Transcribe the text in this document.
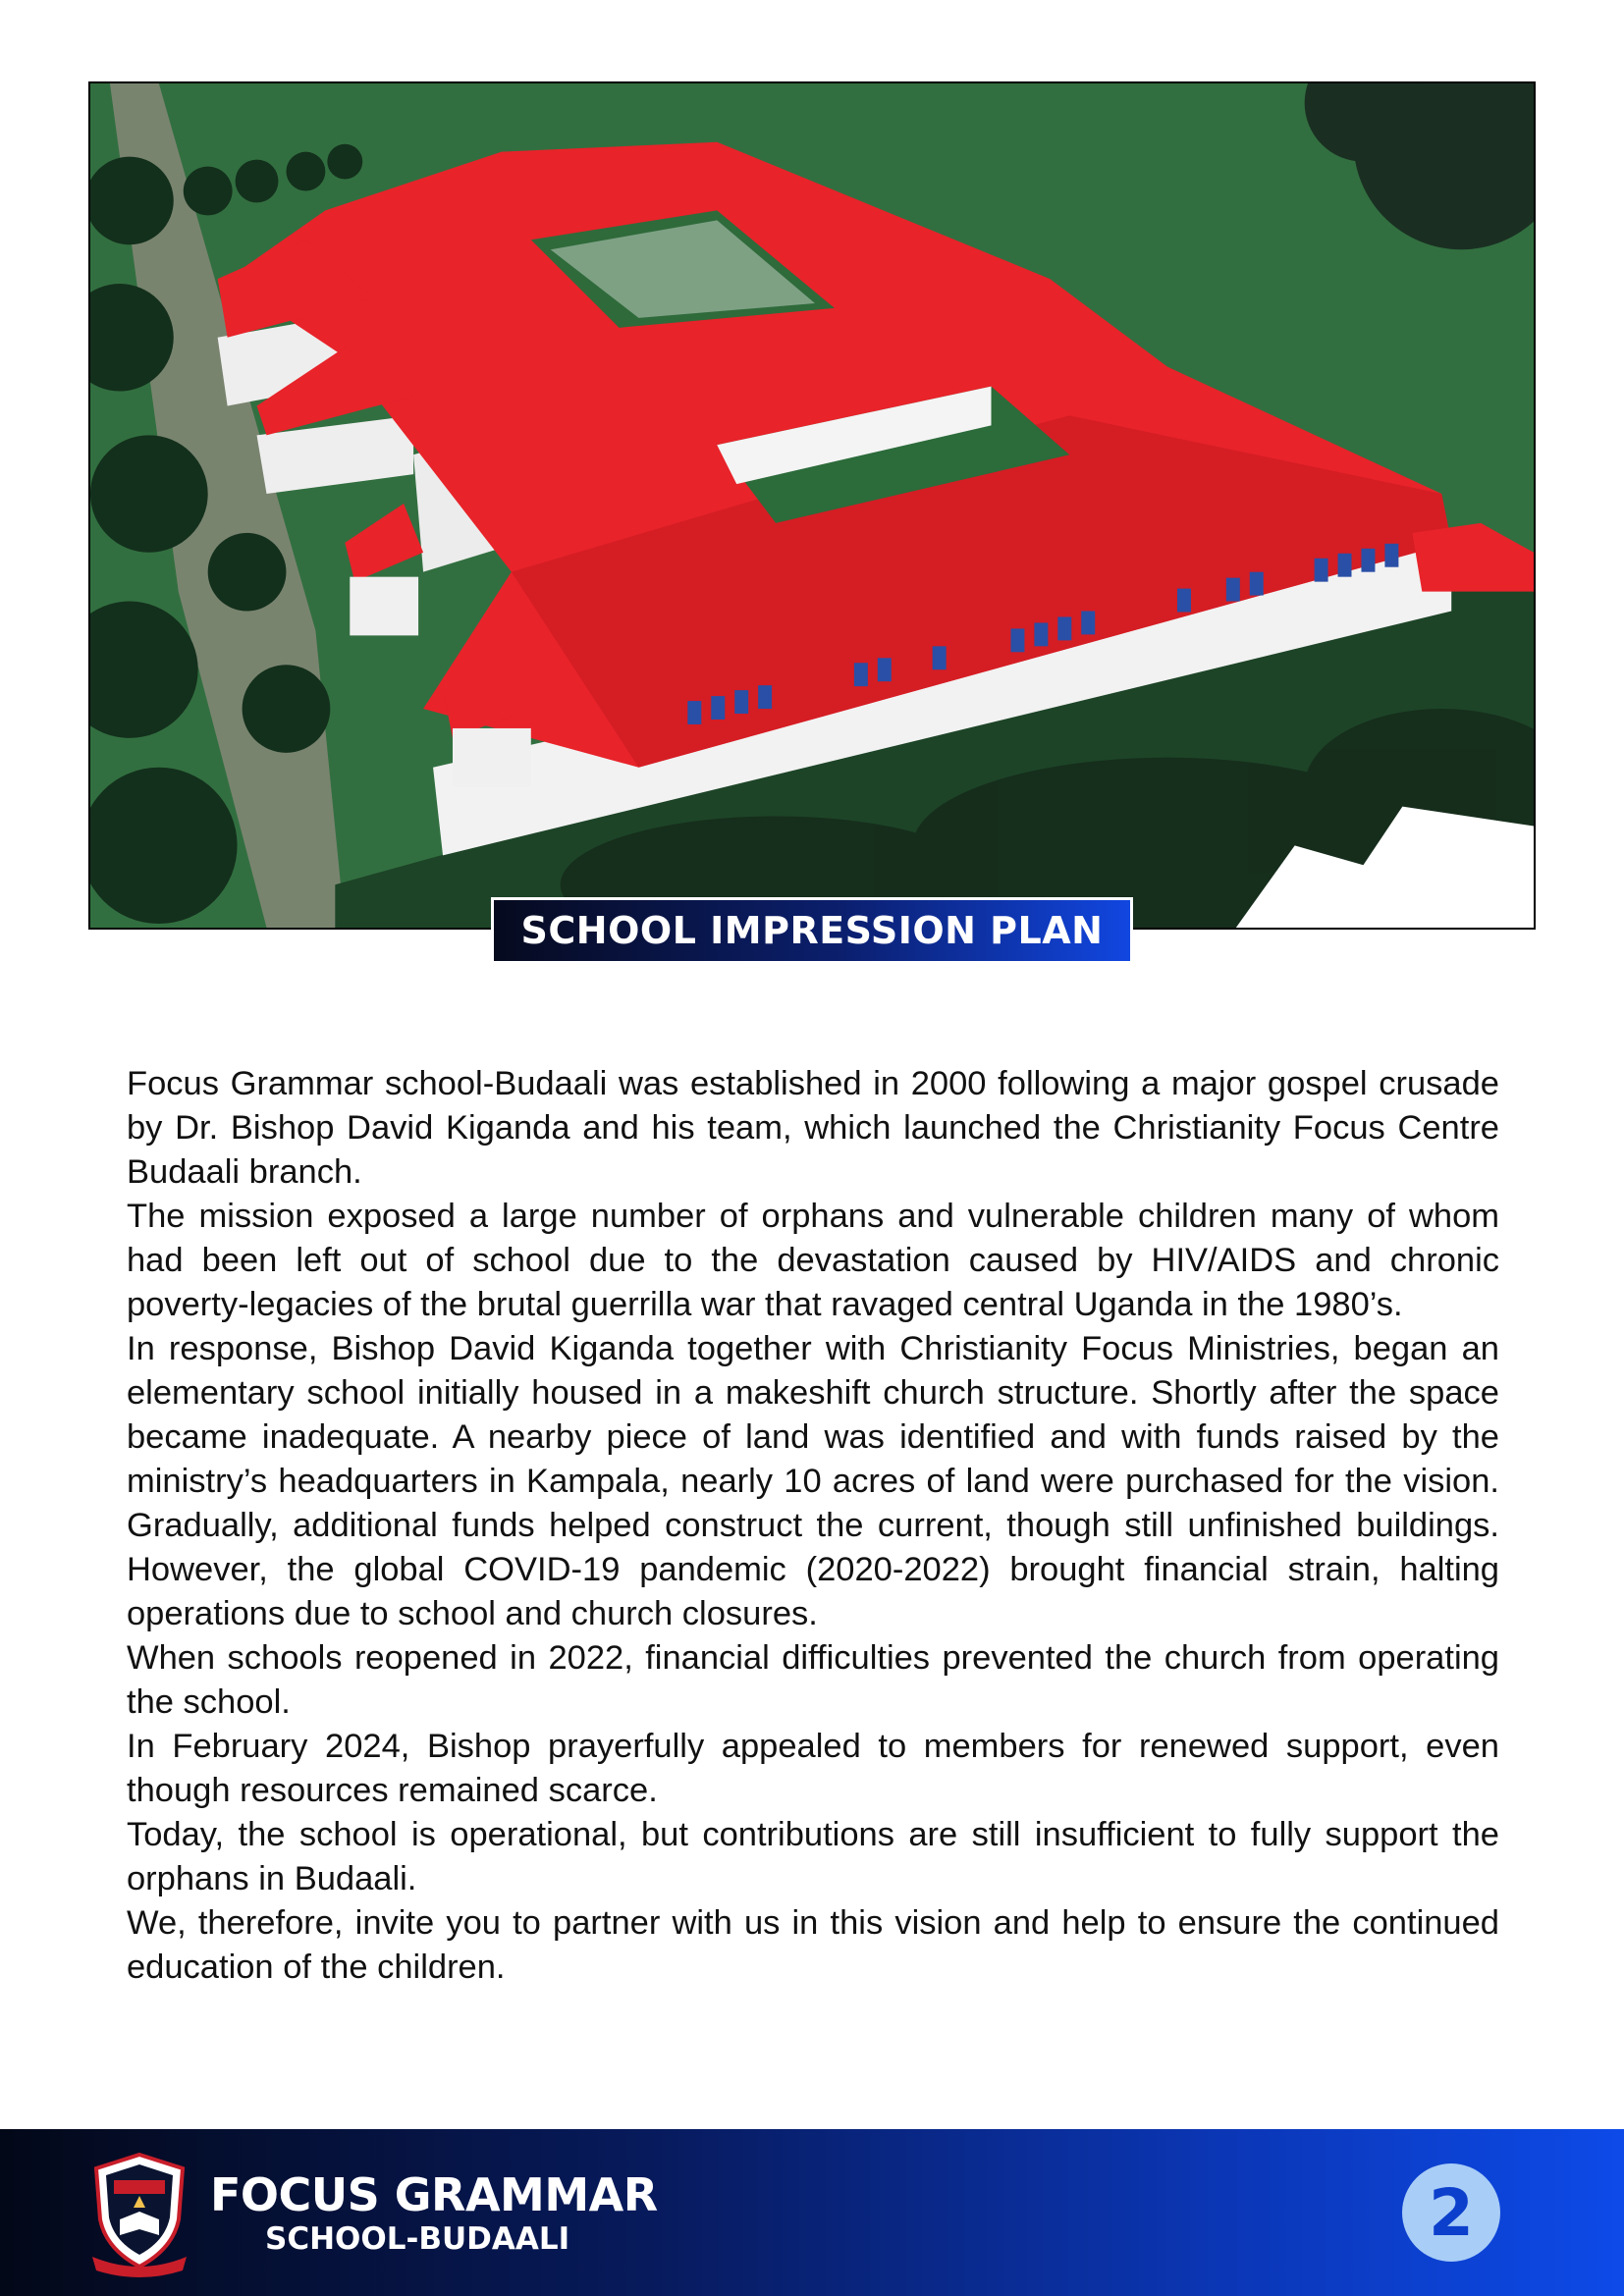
SCHOOL IMPRESSION PLAN

Focus Grammar school-Budaali was established in 2000 following a major gospel crusade by Dr. Bishop David Kiganda and his team, which launched the Christianity Focus Centre Budaali branch.

The mission exposed a large number of orphans and vulnerable children many of whom had been left out of school due to the devastation caused by HIV/AIDS and chronic poverty-legacies of the brutal guerrilla war that ravaged central Uganda in the 1980’s.

In response, Bishop David Kiganda together with Christianity Focus Ministries, began an elementary school initially housed in a makeshift church structure. Shortly after the space became inadequate. A nearby piece of land was identified and with funds raised by the ministry’s headquarters in Kampala, nearly 10 acres of land were purchased for the vision. Gradually, additional funds helped construct the current, though still unfinished buildings. However, the global COVID-19 pandemic (2020-2022) brought financial strain, halting operations due to school and church closures.

When schools reopened in 2022, financial difficulties prevented the church from operating the school.

In February 2024, Bishop prayerfully appealed to members for renewed support, even though resources remained scarce.

Today, the school is operational, but contributions are still insufficient to fully support the orphans in Budaali.

We, therefore, invite you to partner with us in this vision and help to ensure the continued education of the children.

FOCUS GRAMMAR
SCHOOL-BUDAALI	2
